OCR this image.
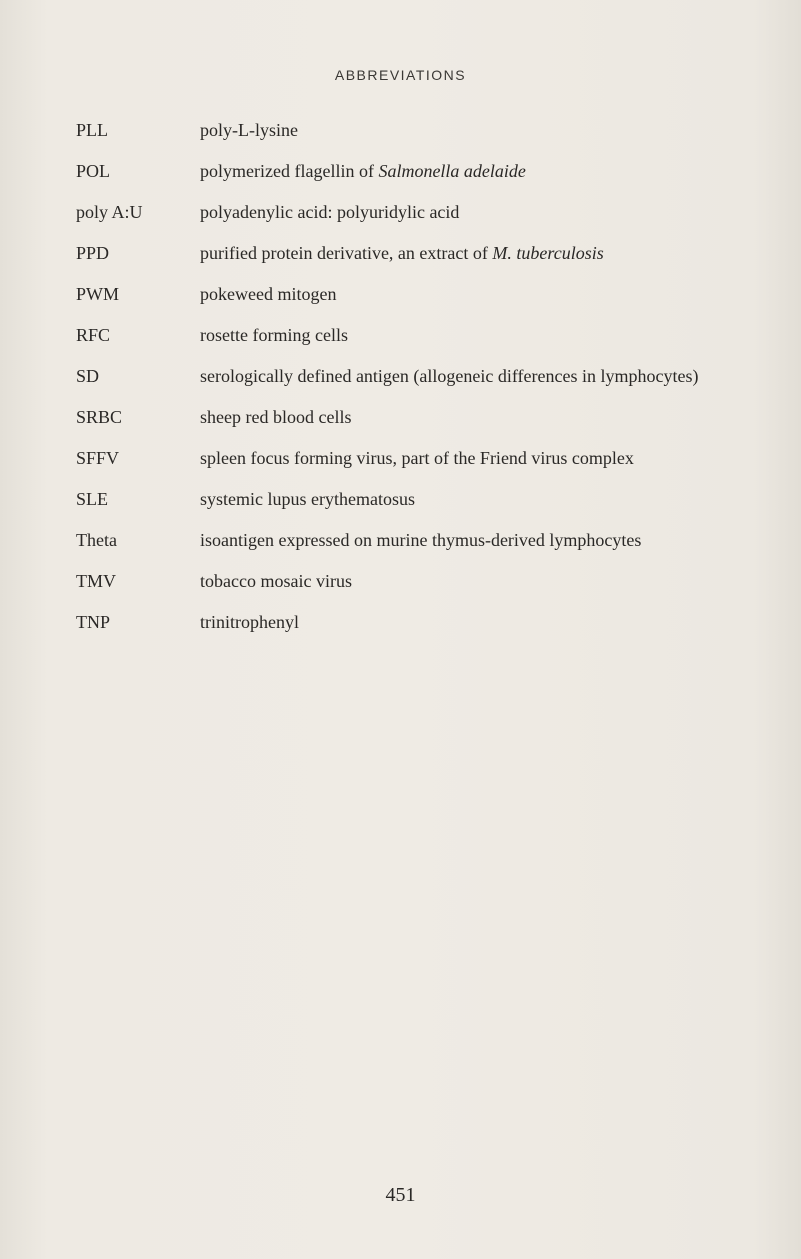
ABBREVIATIONS
PLL	poly-L-lysine
POL	polymerized flagellin of Salmonella adelaide
poly A:U	polyadenylic acid: polyuridylic acid
PPD	purified protein derivative, an extract of M. tuberculosis
PWM	pokeweed mitogen
RFC	rosette forming cells
SD	serologically defined antigen (allogeneic differences in lymphocytes)
SRBC	sheep red blood cells
SFFV	spleen focus forming virus, part of the Friend virus complex
SLE	systemic lupus erythematosus
Theta	isoantigen expressed on murine thymus-derived lymphocytes
TMV	tobacco mosaic virus
TNP	trinitrophenyl
451
